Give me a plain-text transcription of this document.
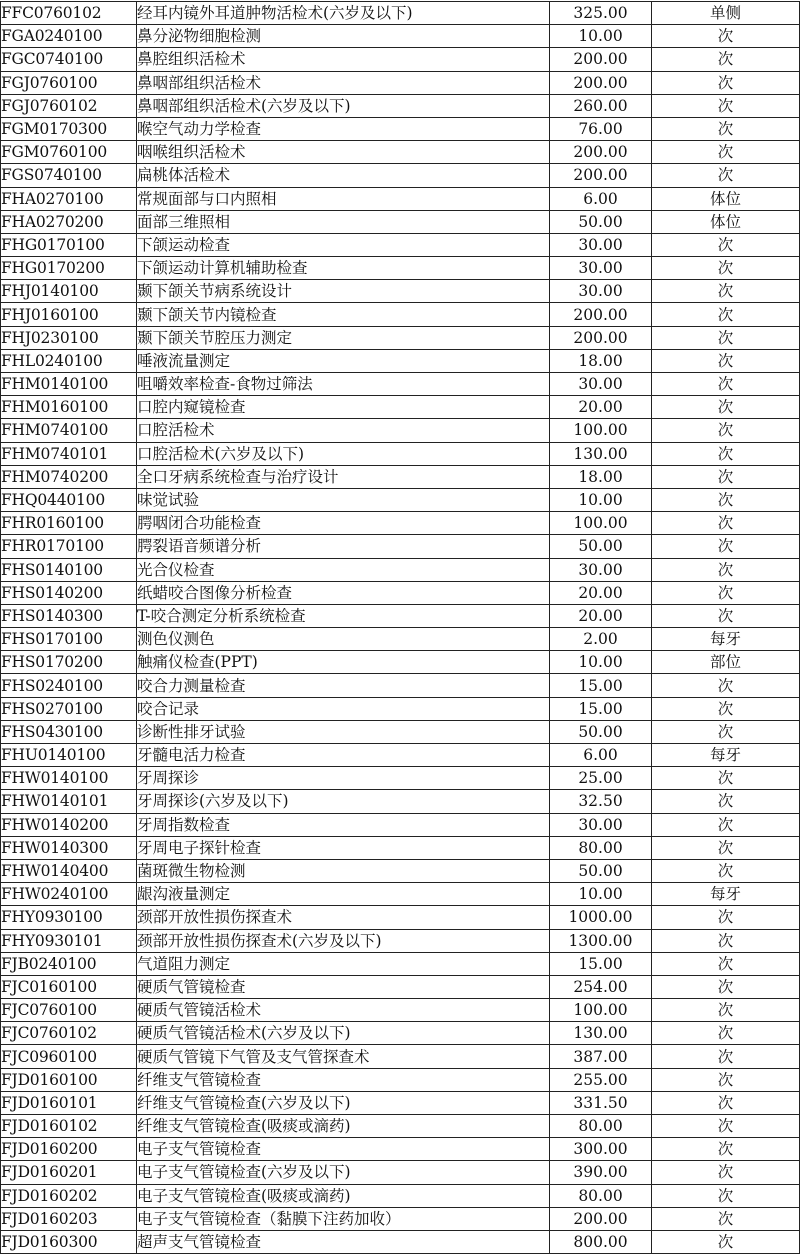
FFC0760102	经耳内镜外耳道肿物活检术(六岁及以下)	325.00	单侧
FGA0240100	鼻分泌物细胞检测	10.00	次
FGC0740100	鼻腔组织活检术	200.00	次
FGJ0760100	鼻咽部组织活检术	200.00	次
FGJ0760102	鼻咽部组织活检术(六岁及以下)	260.00	次
FGM0170300	喉空气动力学检查	76.00	次
FGM0760100	咽喉组织活检术	200.00	次
FGS0740100	扁桃体活检术	200.00	次
FHA0270100	常规面部与口内照相	6.00	体位
FHA0270200	面部三维照相	50.00	体位
FHG0170100	下颌运动检查	30.00	次
FHG0170200	下颌运动计算机辅助检查	30.00	次
FHJ0140100	颞下颌关节病系统设计	30.00	次
FHJ0160100	颞下颌关节内镜检查	200.00	次
FHJ0230100	颞下颌关节腔压力测定	200.00	次
FHL0240100	唾液流量测定	18.00	次
FHM0140100	咀嚼效率检查-食物过筛法	30.00	次
FHM0160100	口腔内窥镜检查	20.00	次
FHM0740100	口腔活检术	100.00	次
FHM0740101	口腔活检术(六岁及以下)	130.00	次
FHM0740200	全口牙病系统检查与治疗设计	18.00	次
FHQ0440100	味觉试验	10.00	次
FHR0160100	腭咽闭合功能检查	100.00	次
FHR0170100	腭裂语音频谱分析	50.00	次
FHS0140100	光合仪检查	30.00	次
FHS0140200	纸蜡咬合图像分析检查	20.00	次
FHS0140300	T-咬合测定分析系统检查	20.00	次
FHS0170100	测色仪测色	2.00	每牙
FHS0170200	触痛仪检查(PPT)	10.00	部位
FHS0240100	咬合力测量检查	15.00	次
FHS0270100	咬合记录	15.00	次
FHS0430100	诊断性排牙试验	50.00	次
FHU0140100	牙髓电活力检查	6.00	每牙
FHW0140100	牙周探诊	25.00	次
FHW0140101	牙周探诊(六岁及以下)	32.50	次
FHW0140200	牙周指数检查	30.00	次
FHW0140300	牙周电子探针检查	80.00	次
FHW0140400	菌斑微生物检测	50.00	次
FHW0240100	龈沟液量测定	10.00	每牙
FHY0930100	颈部开放性损伤探查术	1000.00	次
FHY0930101	颈部开放性损伤探查术(六岁及以下)	1300.00	次
FJB0240100	气道阻力测定	15.00	次
FJC0160100	硬质气管镜检查	254.00	次
FJC0760100	硬质气管镜活检术	100.00	次
FJC0760102	硬质气管镜活检术(六岁及以下)	130.00	次
FJC0960100	硬质气管镜下气管及支气管探查术	387.00	次
FJD0160100	纤维支气管镜检查	255.00	次
FJD0160101	纤维支气管镜检查(六岁及以下)	331.50	次
FJD0160102	纤维支气管镜检查(吸痰或滴药)	80.00	次
FJD0160200	电子支气管镜检查	300.00	次
FJD0160201	电子支气管镜检查(六岁及以下)	390.00	次
FJD0160202	电子支气管镜检查(吸痰或滴药)	80.00	次
FJD0160203	电子支气管镜检查（黏膜下注药加收）	200.00	次
FJD0160300	超声支气管镜检查	800.00	次
